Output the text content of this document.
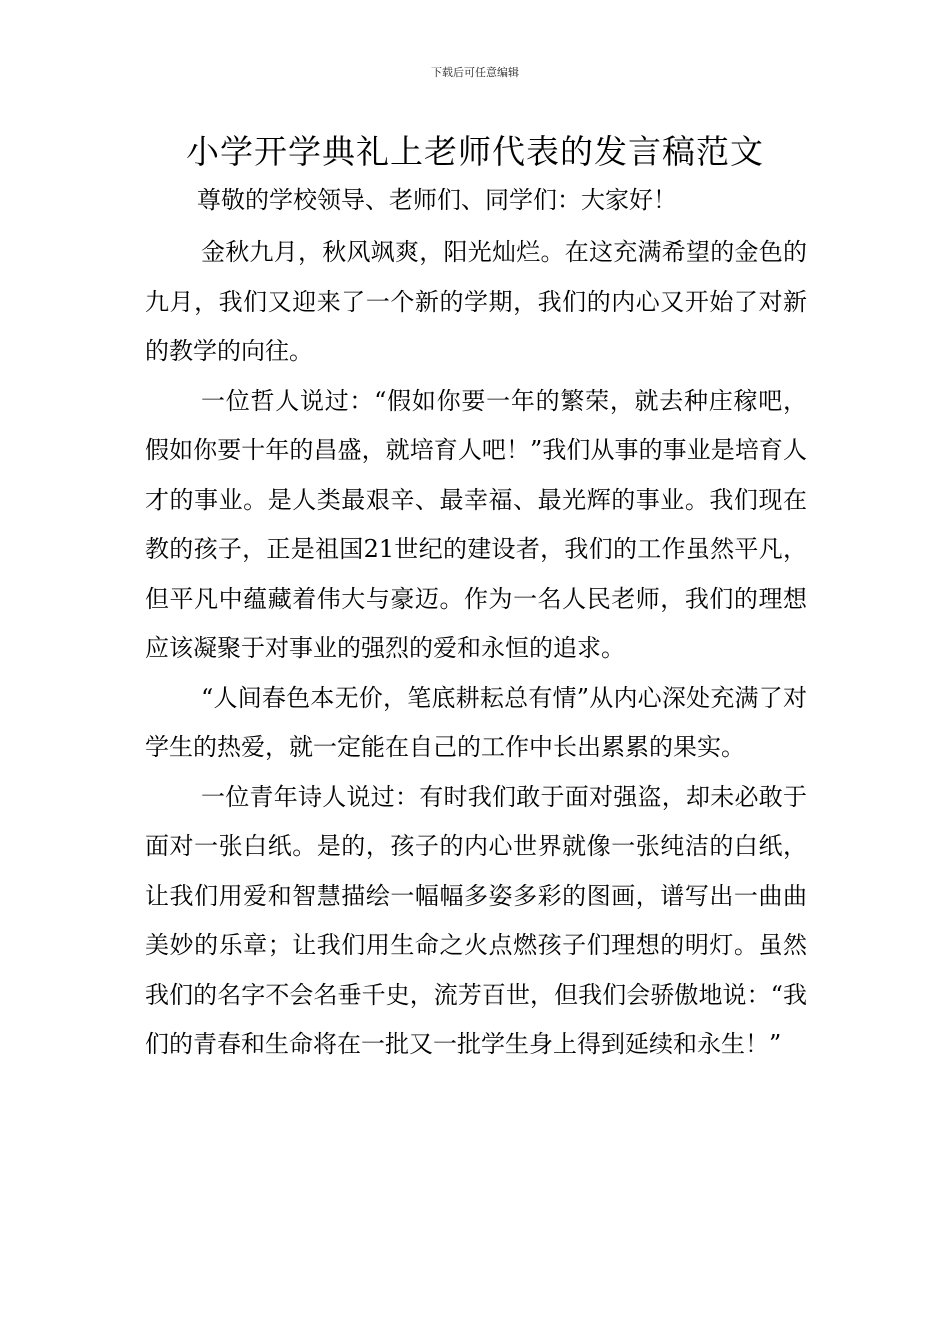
下载后可任意编辑
小学开学典礼上老师代表的发言稿范文
尊敬的学校领导、老师们、同学们：大家好！

金秋九月，秋风飒爽，阳光灿烂。在这充满希望的金色的九月，我们又迎来了一个新的学期，我们的内心又开始了对新的教学的向往。

一位哲人说过：“假如你要一年的繁荣，就去种庄稼吧，假如你要十年的昌盛，就培育人吧！”我们从事的事业是培育人才的事业。是人类最艰辛、最幸福、最光辉的事业。我们现在教的孩子，正是祖国21世纪的建设者，我们的工作虽然平凡，但平凡中蕴藏着伟大与豪迈。作为一名人民老师，我们的理想应该凝聚于对事业的强烈的爱和永恒的追求。

“人间春色本无价，笔底耕耘总有情”从内心深处充满了对学生的热爱，就一定能在自己的工作中长出累累的果实。

一位青年诗人说过：有时我们敢于面对强盗，却未必敢于面对一张白纸。是的，孩子的内心世界就像一张纯洁的白纸，让我们用爱和智慧描绘一幅幅多姿多彩的图画，谱写出一曲曲美妙的乐章；让我们用生命之火点燃孩子们理想的明灯。虽然我们的名字不会名垂千史，流芳百世，但我们会骄傲地说：“我们的青春和生命将在一批又一批学生身上得到延续和永生！”
